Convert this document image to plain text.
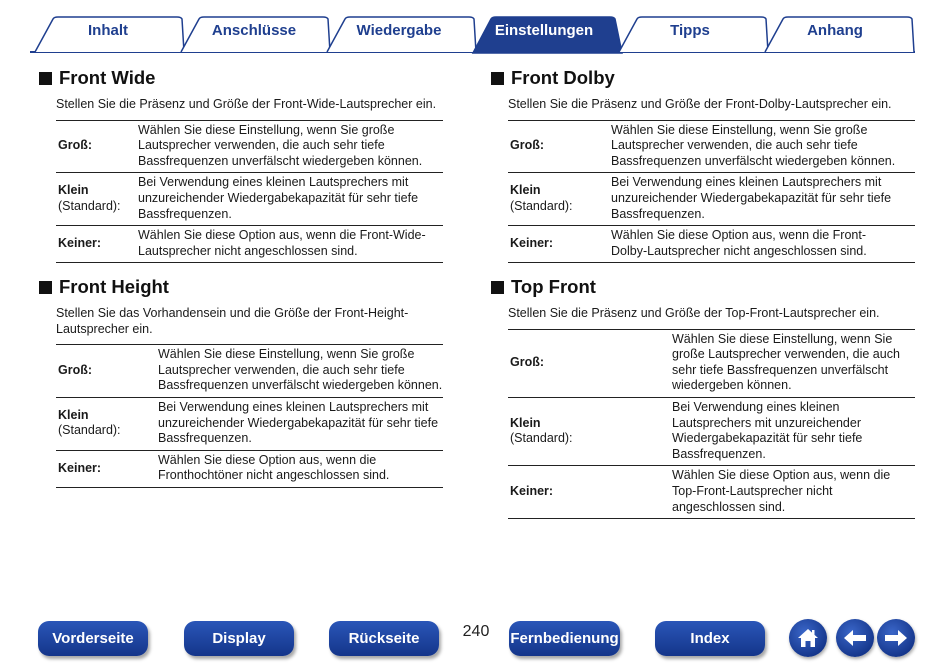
Inhalt	Anschlüsse	Wiedergabe	Einstellungen	Tipps	Anhang
Front Wide

Stellen Sie die Präsenz und Größe der Front-Wide-Lautsprecher ein.

Groß:
Wählen Sie diese Einstellung, wenn Sie große Lautsprecher verwenden, die auch sehr tiefe Bassfrequenzen unverfälscht wiedergeben können.
Klein
(Standard):
Bei Verwendung eines kleinen Lautsprechers mit unzureichender Wiedergabekapazität für sehr tiefe Bassfrequenzen.
Keiner:
Wählen Sie diese Option aus, wenn die Front-Wide-Lautsprecher nicht angeschlossen sind.
Front Height

Stellen Sie das Vorhandensein und die Größe der Front-Height-Lautsprecher ein.

Groß:
Wählen Sie diese Einstellung, wenn Sie große Lautsprecher verwenden, die auch sehr tiefe Bassfrequenzen unverfälscht wiedergeben können.
Klein
(Standard):
Bei Verwendung eines kleinen Lautsprechers mit unzureichender Wiedergabekapazität für sehr tiefe Bassfrequenzen.
Keiner:
Wählen Sie diese Option aus, wenn die Fronthochtöner nicht angeschlossen sind.
Front Dolby

Stellen Sie die Präsenz und Größe der Front-Dolby-Lautsprecher ein.

Groß:
Wählen Sie diese Einstellung, wenn Sie große Lautsprecher verwenden, die auch sehr tiefe Bassfrequenzen unverfälscht wiedergeben können.
Klein
(Standard):
Bei Verwendung eines kleinen Lautsprechers mit unzureichender Wiedergabekapazität für sehr tiefe Bassfrequenzen.
Keiner:
Wählen Sie diese Option aus, wenn die Front-Dolby-Lautsprecher nicht angeschlossen sind.
Top Front

Stellen Sie die Präsenz und Größe der Top-Front-Lautsprecher ein.

Groß:
Wählen Sie diese Einstellung, wenn Sie große Lautsprecher verwenden, die auch sehr tiefe Bassfrequenzen unverfälscht wiedergeben können.
Klein
(Standard):
Bei Verwendung eines kleinen Lautsprechers mit unzureichender Wiedergabekapazität für sehr tiefe Bassfrequenzen.
Keiner:
Wählen Sie diese Option aus, wenn die Top-Front-Lautsprecher nicht angeschlossen sind.
Vorderseite	Display	Rückseite	240	Fernbedienung	Index
